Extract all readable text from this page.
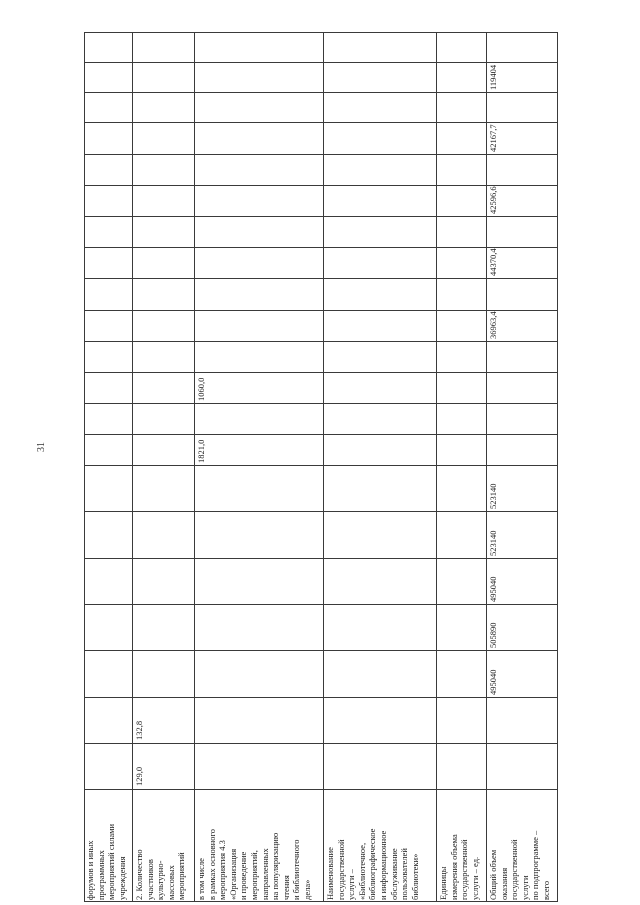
31
форумов и иных программных мероприятий силами учреждения 2. Количество участников культурно- массовых мероприятий в том числе в рамках основного мероприятия 4.3 «Организация и проведение мероприятий, направленных на популяризацию чтения и библиотечного дела» Наименование государственной услуги – «Библиотечное, библиографическое и информационное обслуживание пользователей библиотеки» Единицы измерения объема государственной услуги – ед. Общий объем оказания государственной услуги по подпрограмме – всего
129,0
132,8
1821,0
1060,0
495040
505890
495040
523140
523140
36963,4
44370,4
42596,6
42167,7
119404
